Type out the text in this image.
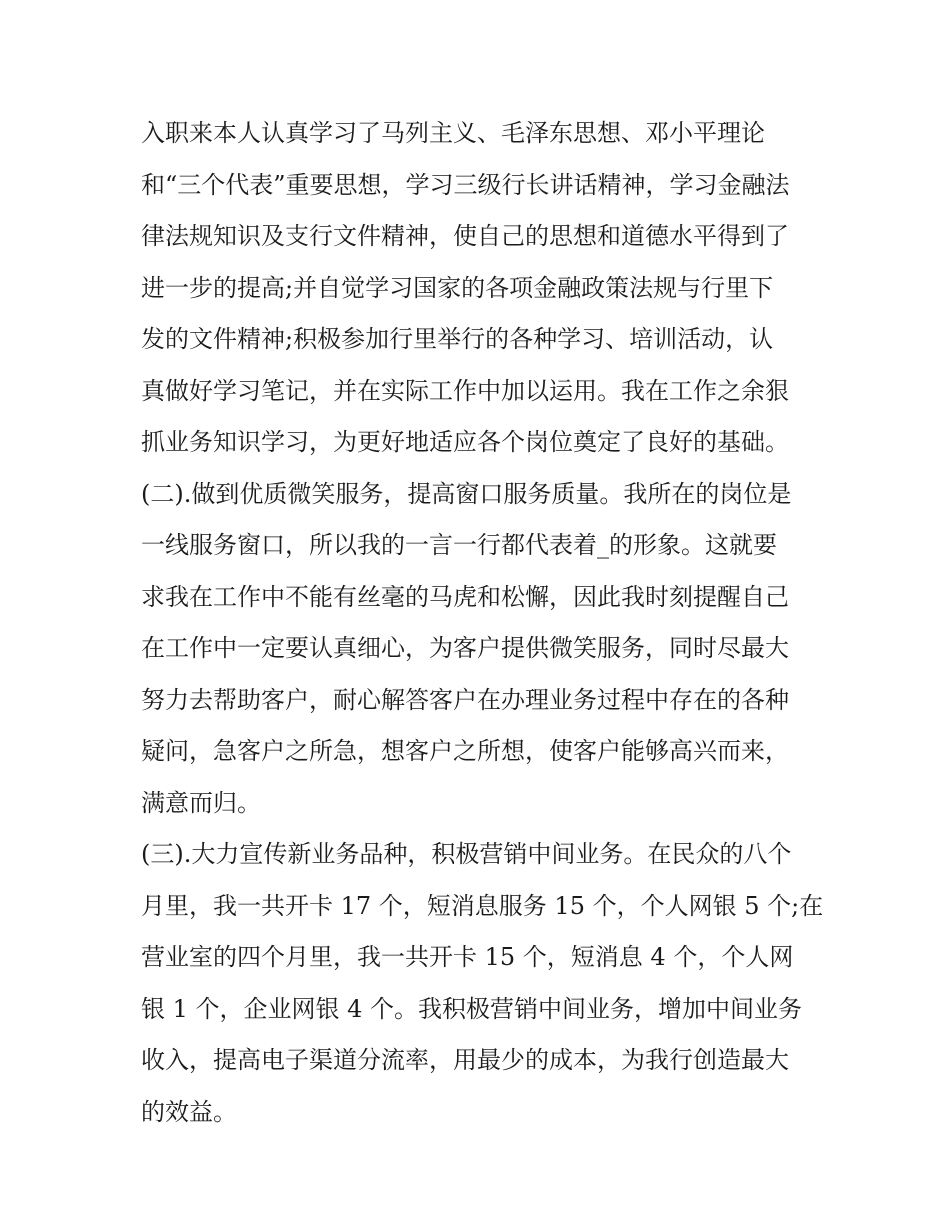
入职来本人认真学习了马列主义、毛泽东思想、邓小平理论
和“三个代表”重要思想，学习三级行长讲话精神，学习金融法
律法规知识及支行文件精神，使自己的思想和道德水平得到了
进一步的提高;并自觉学习国家的各项金融政策法规与行里下
发的文件精神;积极参加行里举行的各种学习、培训活动，认
真做好学习笔记，并在实际工作中加以运用。我在工作之余狠
抓业务知识学习，为更好地适应各个岗位奠定了良好的基础。
(二).做到优质微笑服务，提高窗口服务质量。我所在的岗位是
一线服务窗口，所以我的一言一行都代表着_的形象。这就要
求我在工作中不能有丝毫的马虎和松懈，因此我时刻提醒自己
在工作中一定要认真细心，为客户提供微笑服务，同时尽最大
努力去帮助客户，耐心解答客户在办理业务过程中存在的各种
疑问，急客户之所急，想客户之所想，使客户能够高兴而来，
满意而归。
(三).大力宣传新业务品种，积极营销中间业务。在民众的八个
月里，我一共开卡 17 个，短消息服务 15 个，个人网银 5 个;在
营业室的四个月里，我一共开卡 15 个，短消息 4 个，个人网
银 1 个，企业网银 4 个。我积极营销中间业务，增加中间业务
收入，提高电子渠道分流率，用最少的成本，为我行创造最大
的效益。
